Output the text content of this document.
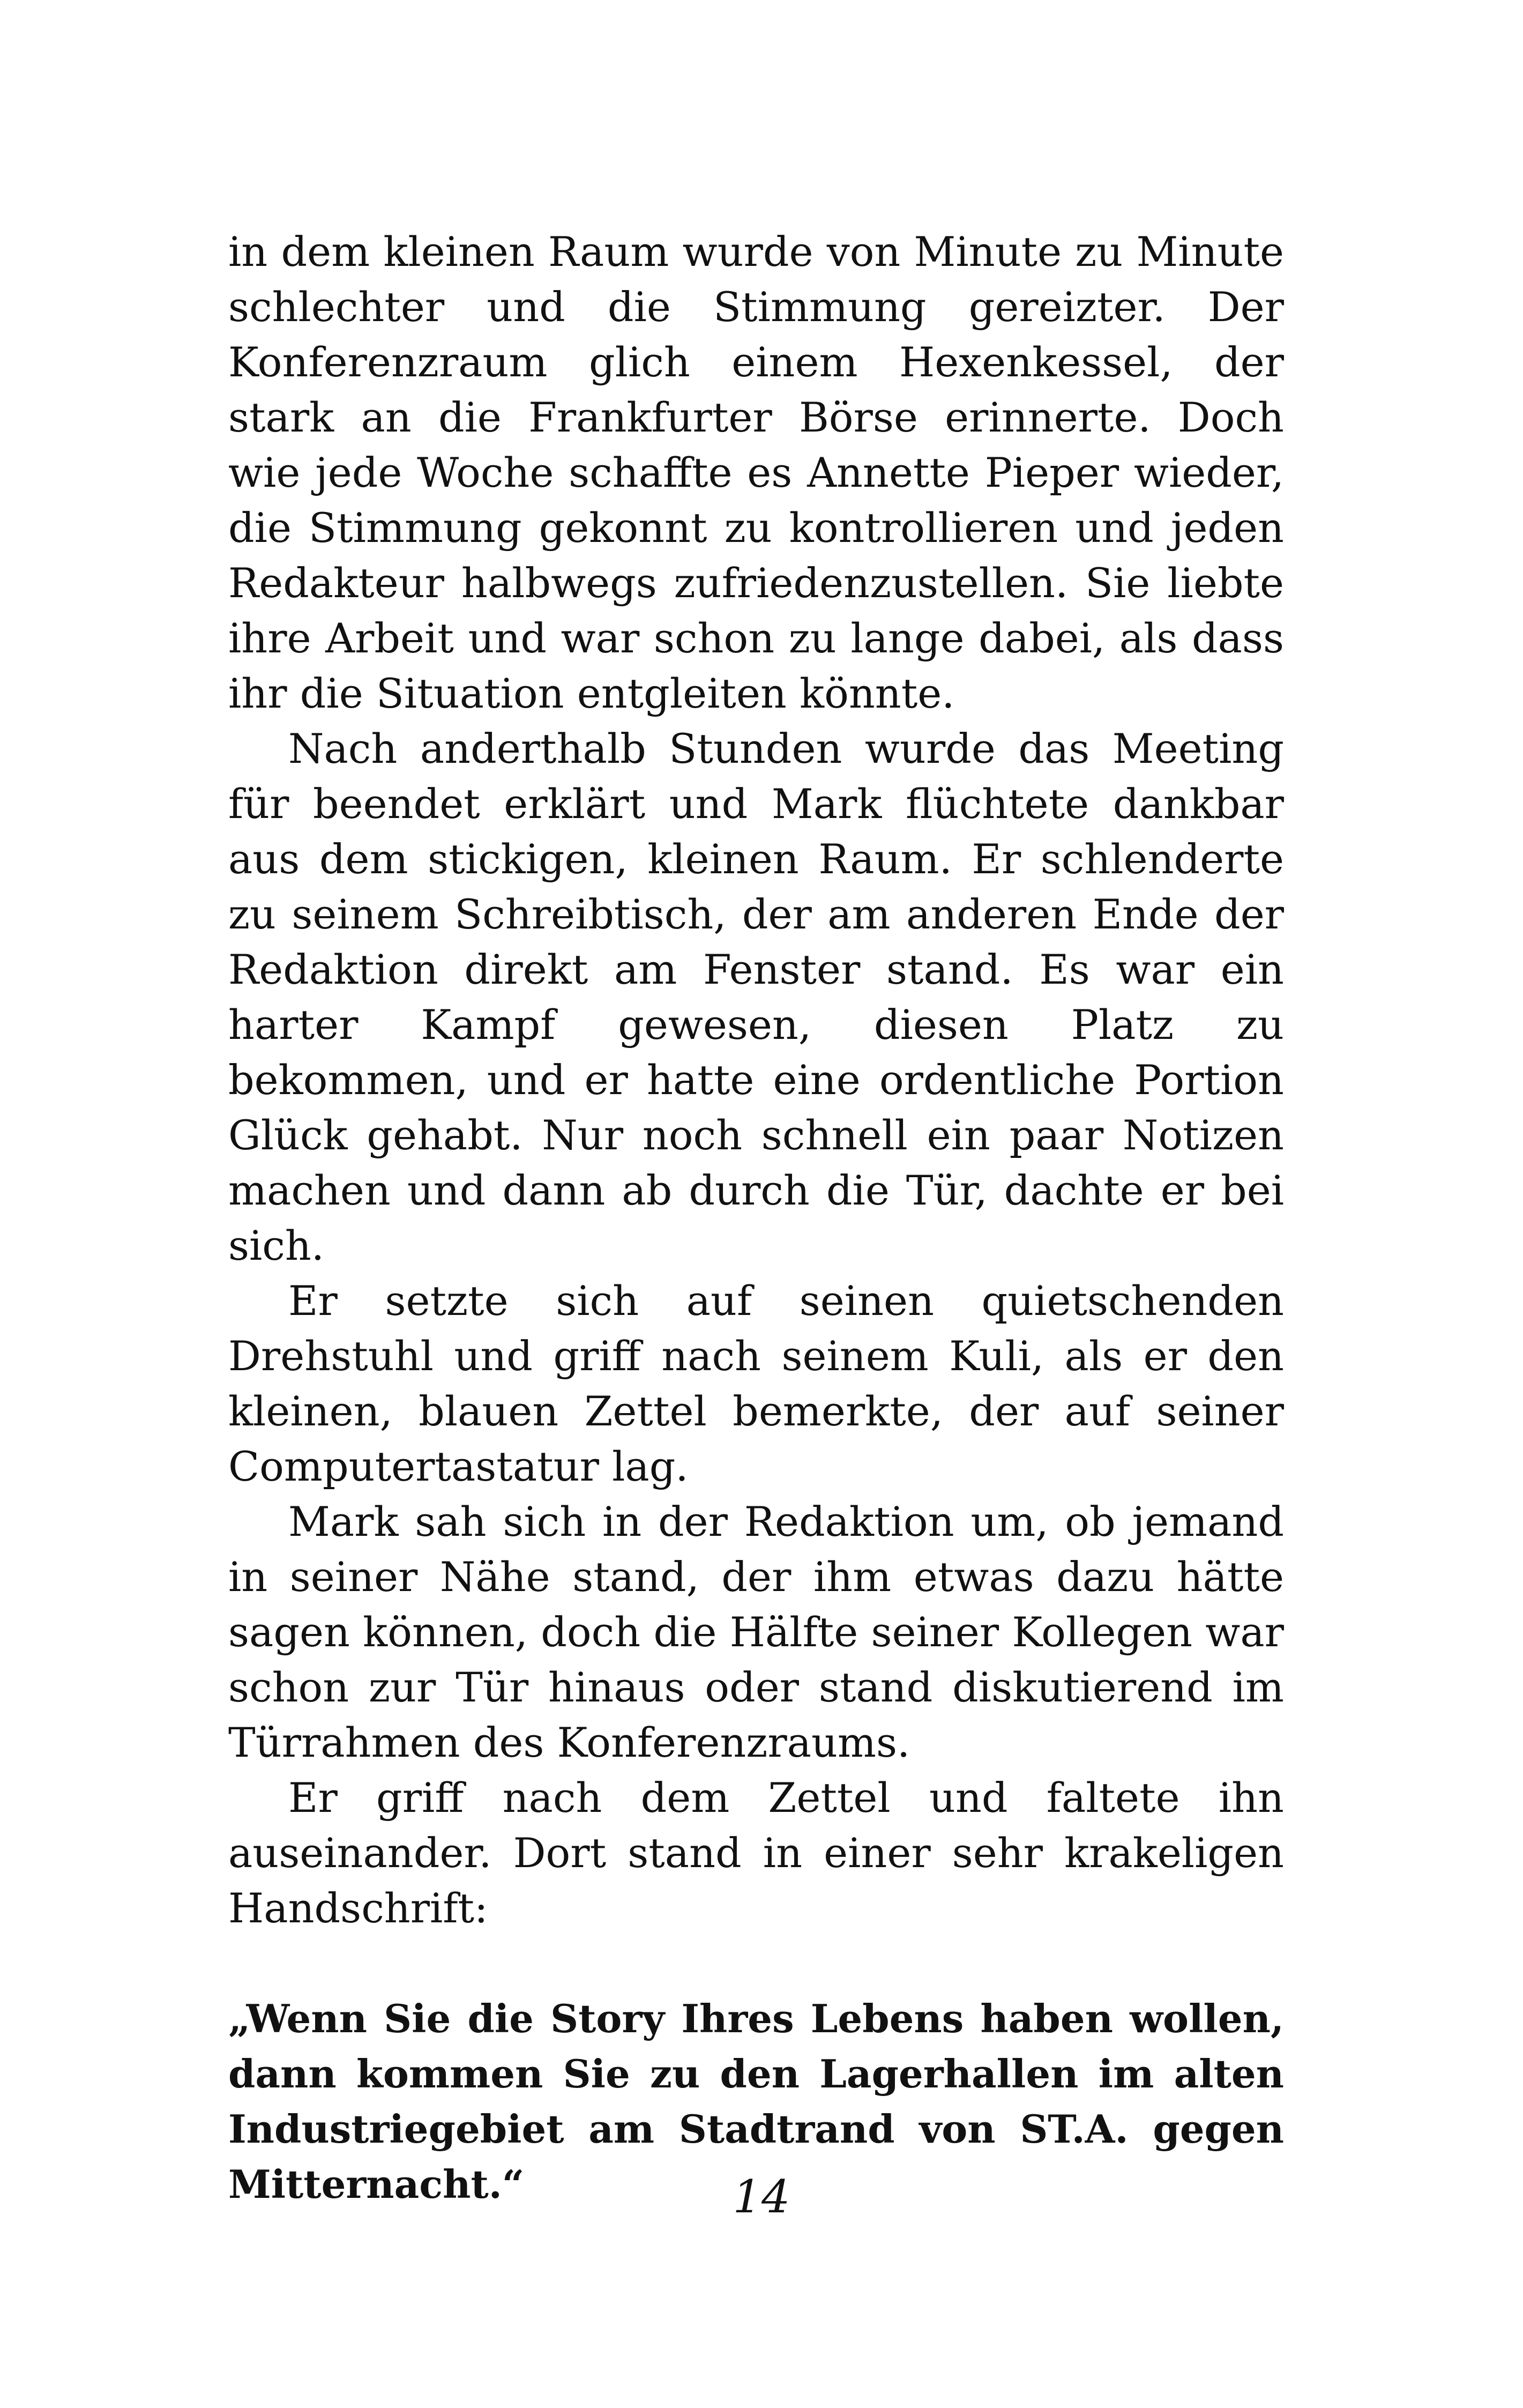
in dem kleinen Raum wurde von Minute zu Minute schlechter und die Stimmung gereizter. Der Konferenzraum glich einem Hexenkessel, der stark an die Frankfurter Börse erinnerte. Doch wie jede Woche schaffte es Annette Pieper wieder, die Stimmung gekonnt zu kontrollieren und jeden Redakteur halbwegs zufriedenzustellen. Sie liebte ihre Arbeit und war schon zu lange dabei, als dass ihr die Situation entgleiten könnte.

Nach anderthalb Stunden wurde das Meeting für beendet erklärt und Mark flüchtete dankbar aus dem stickigen, kleinen Raum. Er schlenderte zu seinem Schreibtisch, der am anderen Ende der Redaktion direkt am Fenster stand. Es war ein harter Kampf gewesen, diesen Platz zu bekommen, und er hatte eine ordentliche Portion Glück gehabt. Nur noch schnell ein paar Notizen machen und dann ab durch die Tür, dachte er bei sich.

Er setzte sich auf seinen quietschenden Drehstuhl und griff nach seinem Kuli, als er den kleinen, blauen Zettel bemerkte, der auf seiner Computertastatur lag.

Mark sah sich in der Redaktion um, ob jemand in seiner Nähe stand, der ihm etwas dazu hätte sagen können, doch die Hälfte seiner Kollegen war schon zur Tür hinaus oder stand diskutierend im Türrahmen des Konferenzraums.

Er griff nach dem Zettel und faltete ihn auseinander. Dort stand in einer sehr krakeligen Handschrift:

„Wenn Sie die Story Ihres Lebens haben wollen, dann kommen Sie zu den Lagerhallen im alten Industriegebiet am Stadtrand von ST.A. gegen Mitternacht.“	14
